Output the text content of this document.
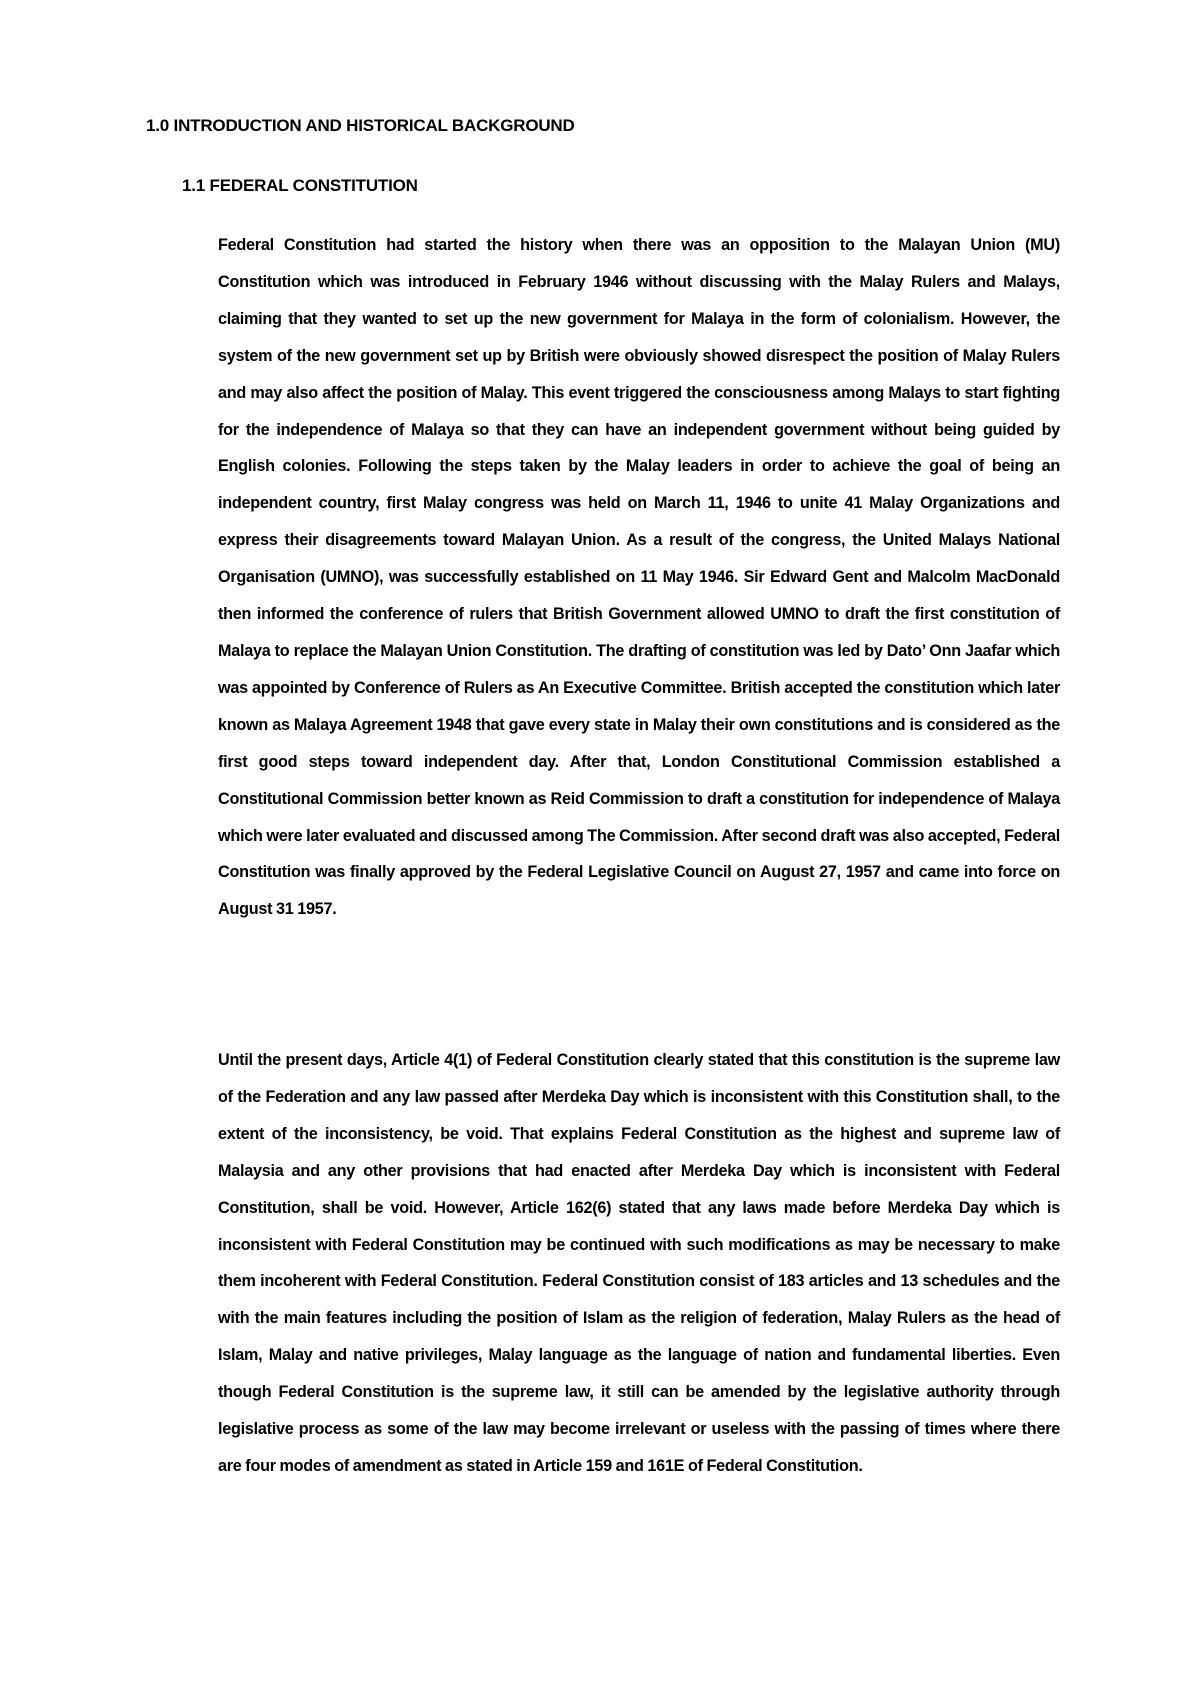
1.0 INTRODUCTION AND HISTORICAL BACKGROUND
1.1 FEDERAL CONSTITUTION

Federal Constitution had started the history when there was an opposition to the Malayan Union (MU) Constitution which was introduced in February 1946 without discussing with the Malay Rulers and Malays, claiming that they wanted to set up the new government for Malaya in the form of colonialism. However, the system of the new government set up by British were obviously showed disrespect the position of Malay Rulers and may also affect the position of Malay. This event triggered the consciousness among Malays to start fighting for the independence of Malaya so that they can have an independent government without being guided by English colonies. Following the steps taken by the Malay leaders in order to achieve the goal of being an independent country, first Malay congress was held on March 11, 1946 to unite 41 Malay Organizations and express their disagreements toward Malayan Union. As a result of the congress, the United Malays National Organisation (UMNO), was successfully established on 11 May 1946. Sir Edward Gent and Malcolm MacDonald then informed the conference of rulers that British Government allowed UMNO to draft the first constitution of Malaya to replace the Malayan Union Constitution. The drafting of constitution was led by Dato’ Onn Jaafar which was appointed by Conference of Rulers as An Executive Committee. British accepted the constitution which later known as Malaya Agreement 1948 that gave every state in Malay their own constitutions and is considered as the first good steps toward independent day. After that, London Constitutional Commission established a Constitutional Commission better known as Reid Commission to draft a constitution for independence of Malaya which were later evaluated and discussed among The Commission. After second draft was also accepted, Federal Constitution was finally approved by the Federal Legislative Council on August 27, 1957 and came into force on August 31 1957.

Until the present days, Article 4(1) of Federal Constitution clearly stated that this constitution is the supreme law of the Federation and any law passed after Merdeka Day which is inconsistent with this Constitution shall, to the extent of the inconsistency, be void. That explains Federal Constitution as the highest and supreme law of Malaysia and any other provisions that had enacted after Merdeka Day which is inconsistent with Federal Constitution, shall be void. However, Article 162(6) stated that any laws made before Merdeka Day which is inconsistent with Federal Constitution may be continued with such modifications as may be necessary to make them incoherent with Federal Constitution. Federal Constitution consist of 183 articles and 13 schedules and the with the main features including the position of Islam as the religion of federation, Malay Rulers as the head of Islam, Malay and native privileges, Malay language as the language of nation and fundamental liberties. Even though Federal Constitution is the supreme law, it still can be amended by the legislative authority through legislative process as some of the law may become irrelevant or useless with the passing of times where there are four modes of amendment as stated in Article 159 and 161E of Federal Constitution.
